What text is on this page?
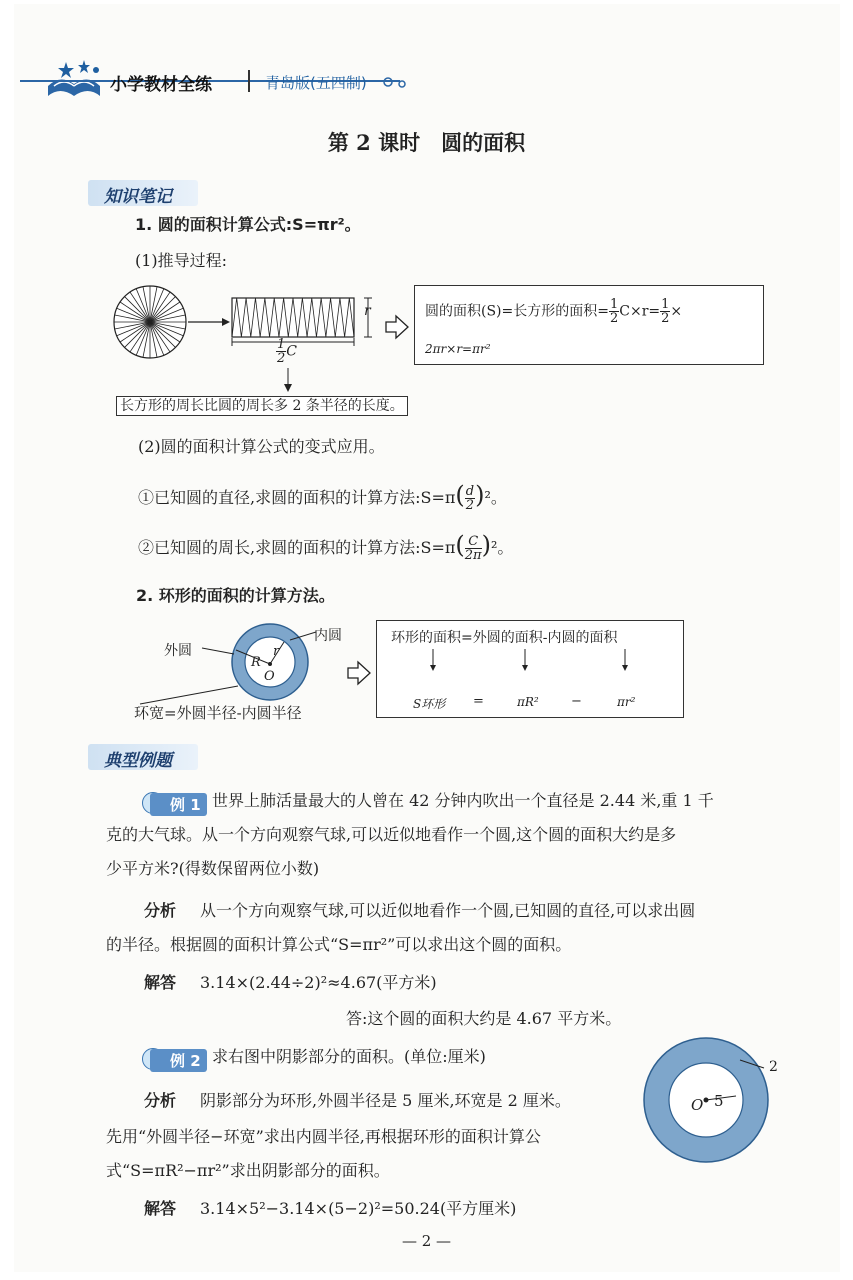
小学教材全练	青岛版(五四制)
第 2 课时　圆的面积
知识笔记
1. 圆的面积计算公式:S=πr²。
(1)推导过程:
r
$\frac{1}{2}$ C
圆的面积(S)=长方形的面积= $\frac{1}{2} C\times r= \frac{1}{2}$ ×
2πr×r=πr²
长方形的周长比圆的周长多 2 条半径的长度。
(2)圆的面积计算公式的变式应用。
①已知圆的直径,求圆的面积的计算方法:S=π( $\frac{d}{2} )^2$。
②已知圆的周长,求圆的面积的计算方法:S=π( $\frac{C}{2\pi} )^2$。
2. 环形的面积的计算方法。
外圆
内圆
R
r
O
环宽=外圆半径-内圆半径
环形的面积=外圆的面积-内圆的面积
S环形 =	πR² −	πr²
典型例题
例 1 世界上肺活量最大的人曾在 42 分钟内吹出一个直径是 2.44 米,重 1 千
克的大气球。从一个方向观察气球,可以近似地看作一个圆,这个圆的面积大约是多
少平方米?(得数保留两位小数)
分析 从一个方向观察气球,可以近似地看作一个圆,已知圆的直径,可以求出圆
的半径。根据圆的面积计算公式“S=πr²”可以求出这个圆的面积。
解答 3.14×(2.44÷2)²≈4.67(平方米)
答:这个圆的面积大约是 4.67 平方米。
例 2 求右图中阴影部分的面积。(单位:厘米)
分析 阴影部分为环形,外圆半径是 5 厘米,环宽是 2 厘米。
先用“外圆半径−环宽”求出内圆半径,再根据环形的面积计算公
式“S=πR²−πr²”求出阴影部分的面积。
解答 3.14×5²−3.14×(5−2)²=50.24(平方厘米)
2
O 5
— 2 —
